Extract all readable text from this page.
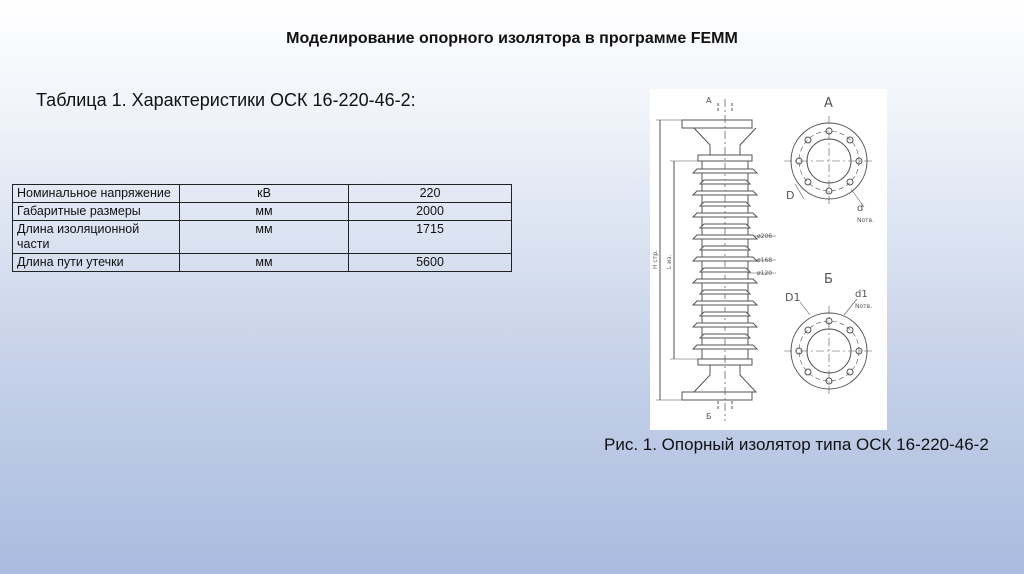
Моделирование опорного изолятора в программе FEMM
Таблица 1. Характеристики ОСК 16-220-46-2:
Номинальное напряжение	кВ	220
Габаритные размеры	мм	2000
Длина изоляционной части	мм	1715
Длина пути утечки	мм	5600
A
Б
A
Б
ø206
ø168
ø120
H стр. L из.
D
d
Nотв.
D1	d1
Nотв.
Рис. 1. Опорный изолятор типа ОСК 16-220-46-2
